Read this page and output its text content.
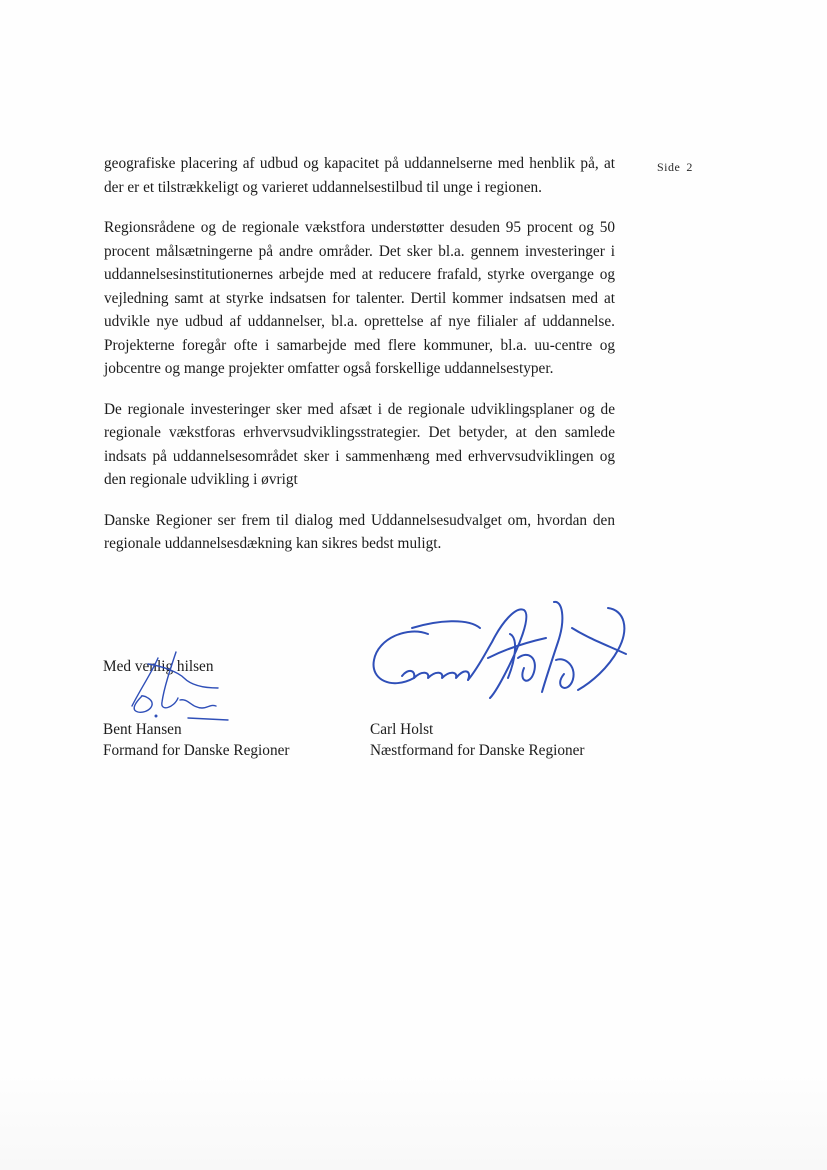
Side 2

geografiske placering af udbud og kapacitet på uddannelserne med henblik på, at der er et tilstrækkeligt og varieret uddannelsestilbud til unge i regionen.

Regionsrådene og de regionale vækstfora understøtter desuden 95 procent og 50 procent målsætningerne på andre områder. Det sker bl.a. gennem investeringer i uddannelsesinstitutionernes arbejde med at reducere frafald, styrke overgange og vejledning samt at styrke indsatsen for talenter. Dertil kommer indsatsen med at udvikle nye udbud af uddannelser, bl.a. oprettelse af nye filialer af uddannelse. Projekterne foregår ofte i samarbejde med flere kommuner, bl.a. uu-centre og jobcentre og mange projekter omfatter også forskellige uddannelsestyper.

De regionale investeringer sker med afsæt i de regionale udviklingsplaner og de regionale vækstforas erhvervsudviklingsstrategier. Det betyder, at den samlede indsats på uddannelsesområdet sker i sammenhæng med erhvervsudviklingen og den regionale udvikling i øvrigt

Danske Regioner ser frem til dialog med Uddannelsesudvalget om, hvordan den regionale uddannelsesdækning kan sikres bedst muligt.

Med venlig hilsen

Bent Hansen

Formand for Danske Regioner

Carl Holst

Næstformand for Danske Regioner
